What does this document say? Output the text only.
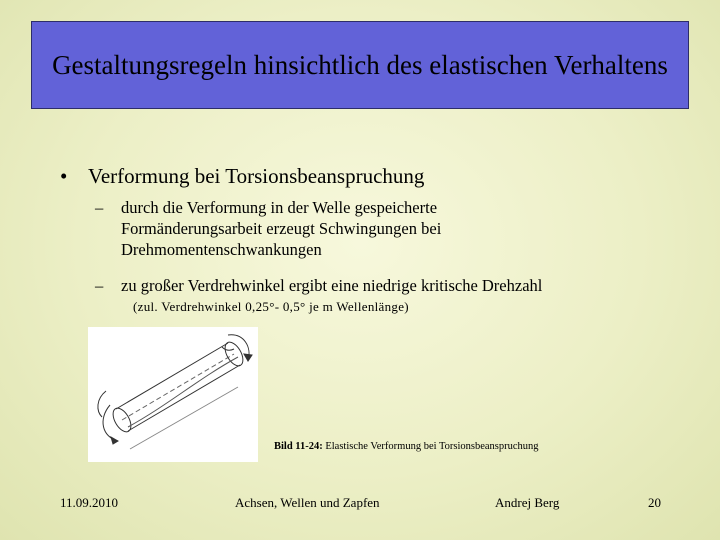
Gestaltungsregeln hinsichtlich des elastischen Verhaltens
• Verformung bei Torsionsbeanspruchung
– durch die Verformung in der Welle gespeicherte Formänderungsarbeit erzeugt Schwingungen bei Drehmomentenschwankungen
– zu großer Verdrehwinkel ergibt eine niedrige kritische Drehzahl
(zul. Verdrehwinkel 0,25°- 0,5° je m Wellenlänge)
Bild 11-24: Elastische Verformung bei Torsionsbeanspruchung
11.09.2010	Achsen, Wellen und Zapfen	Andrej Berg	20
